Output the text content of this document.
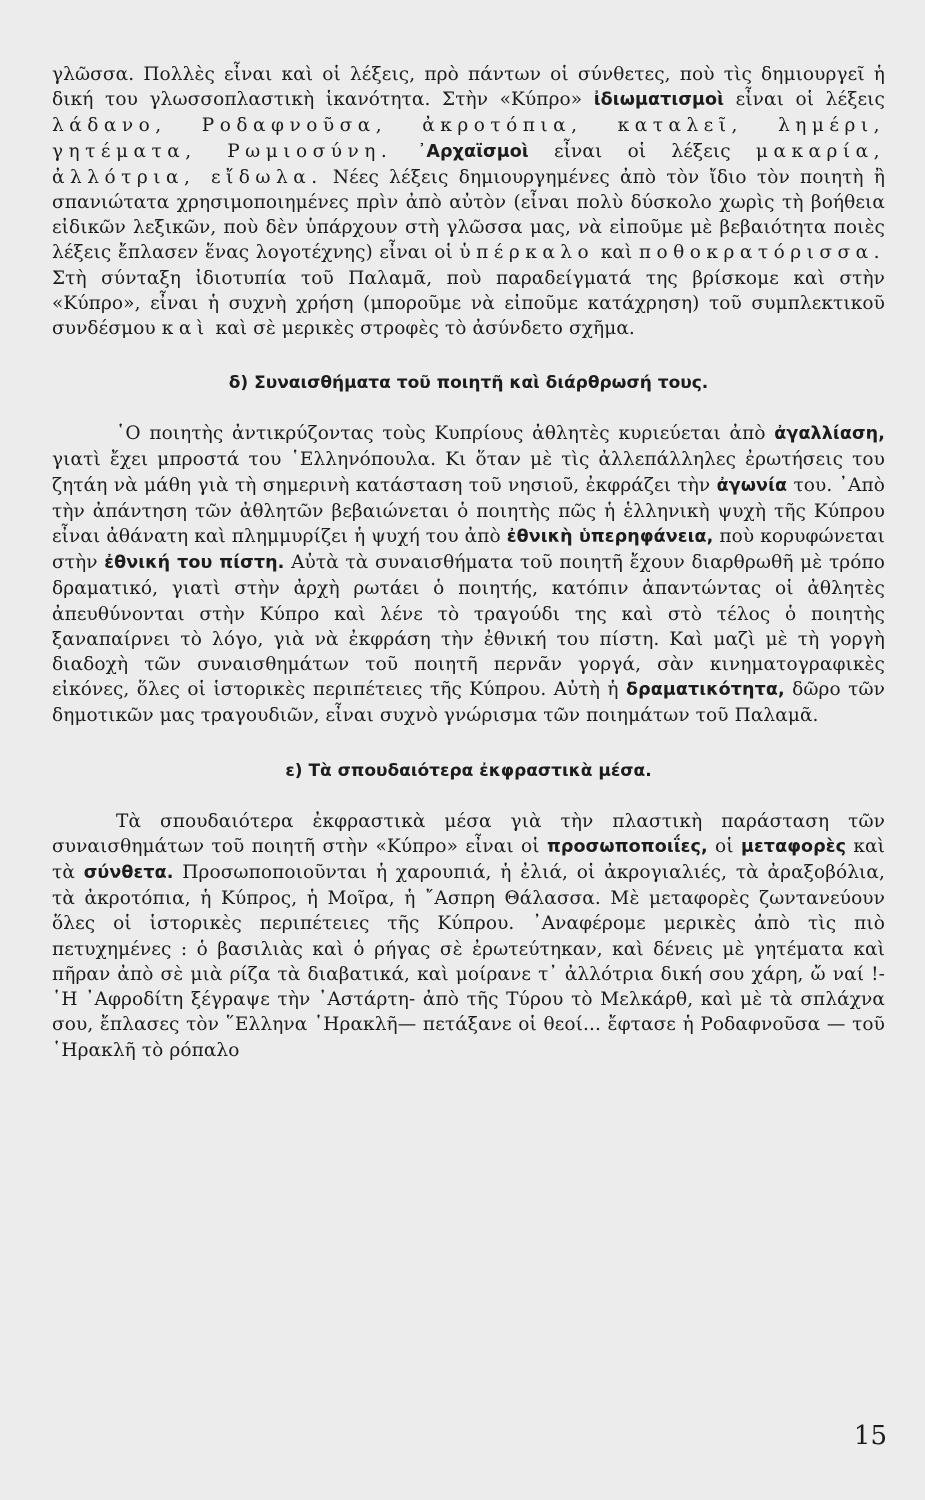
γλῶσσα. Πολλὲς εἶναι καὶ οἱ λέξεις, πρὸ πάντων οἱ σύνθετες, ποὺ τὶς δημιουργεῖ ἡ δική του γλωσσοπλαστικὴ ἱκανότητα. Στὴν «Κύπρο» ἰδιωματισμοὶ εἶναι οἱ λέξεις λάδανο, Ροδαφνοῦσα, ἀκροτόπια, καταλεῖ, λημέρι, γητέματα, Ρωμιοσύνη. ᾿Αρχαϊσμοὶ εἶναι οἱ λέξεις μακαρία, ἀλλότρια, εἴδωλα. Νέες λέξεις δημιουργημένες ἀπὸ τὸν ἴδιο τὸν ποιητὴ ἢ σπανιώτατα χρησιμοποιημένες πρὶν ἀπὸ αὐτὸν (εἶναι πολὺ δύσκολο χωρὶς τὴ βοήθεια εἰδικῶν λεξικῶν, ποὺ δὲν ὑπάρχουν στὴ γλῶσσα μας, νὰ εἰποῦμε μὲ βεβαιότητα ποιὲς λέξεις ἔπλασεν ἕνας λογοτέχνης) εἶναι οἱ ὑπέρκαλο καὶ ποθοκρατόρισσα. Στὴ σύνταξη ἰδιοτυπία τοῦ Παλαμᾶ, ποὺ παραδείγματά της βρίσκομε καὶ στὴν «Κύπρο», εἶναι ἡ συχνὴ χρήση (μποροῦμε νὰ εἰποῦμε κατάχρηση) τοῦ συμπλεκτικοῦ συνδέσμου καὶ καὶ σὲ μερικὲς στροφὲς τὸ ἀσύνδετο σχῆμα.

δ) Συναισθήματα τοῦ ποιητῆ καὶ διάρθρωσή τους.

῾Ο ποιητὴς ἀντικρύζοντας τοὺς Κυπρίους ἀθλητὲς κυριεύεται ἀπὸ ἀγαλλίαση, γιατὶ ἔχει μπροστά του ῾Ελληνόπουλα. Κι ὅταν μὲ τὶς ἀλλεπάλληλες ἐρωτήσεις του ζητάη νὰ μάθη γιὰ τὴ σημερινὴ κατάσταση τοῦ νησιοῦ, ἐκφράζει τὴν ἀγωνία του. ᾿Απὸ τὴν ἀπάντηση τῶν ἀθλητῶν βεβαιώνεται ὁ ποιητὴς πῶς ἡ ἑλληνικὴ ψυχὴ τῆς Κύπρου εἶναι ἀθάνατη καὶ πλημμυρίζει ἡ ψυχή του ἀπὸ ἐθνικὴ ὑπερηφάνεια, ποὺ κορυφώνεται στὴν ἐθνική του πίστη. Αὐτὰ τὰ συναισθήματα τοῦ ποιητῆ ἔχουν διαρθρωθῆ μὲ τρόπο δραματικό, γιατὶ στὴν ἀρχὴ ρωτάει ὁ ποιητής, κατόπιν ἀπαντώντας οἱ ἀθλητὲς ἀπευθύνονται στὴν Κύπρο καὶ λένε τὸ τραγούδι της καὶ στὸ τέλος ὁ ποιητὴς ξαναπαίρνει τὸ λόγο, γιὰ νὰ ἐκφράση τὴν ἐθνική του πίστη. Καὶ μαζὶ μὲ τὴ γοργὴ διαδοχὴ τῶν συναισθημάτων τοῦ ποιητῆ περνᾶν γοργά, σὰν κινηματογραφικὲς εἰκόνες, ὅλες οἱ ἱστορικὲς περιπέτειες τῆς Κύπρου. Αὐτὴ ἡ δραματικότητα, δῶρο τῶν δημοτικῶν μας τραγουδιῶν, εἶναι συχνὸ γνώρισμα τῶν ποιημάτων τοῦ Παλαμᾶ.

ε) Τὰ σπουδαιότερα ἐκφραστικὰ μέσα.

Τὰ σπουδαιότερα ἐκφραστικὰ μέσα γιὰ τὴν πλαστικὴ παράσταση τῶν συναισθημάτων τοῦ ποιητῆ στὴν «Κύπρο» εἶναι οἱ προσωποποιΐες, οἱ μεταφορὲς καὶ τὰ σύνθετα. Προσωποποιοῦνται ἡ χαρουπιά, ἡ ἐλιά, οἱ ἀκρογιαλιές, τὰ ἀραξοβόλια, τὰ ἀκροτόπια, ἡ Κύπρος, ἡ Μοῖρα, ἡ ῎Ασπρη Θάλασσα. Μὲ μεταφορὲς ζωντανεύουν ὅλες οἱ ἱστορικὲς περιπέτειες τῆς Κύπρου. ᾿Αναφέρομε μερικὲς ἀπὸ τὶς πιὸ πετυχημένες : ὁ βασιλιὰς καὶ ὁ ρήγας σὲ ἐρωτεύτηκαν, καὶ δένεις μὲ γητέματα καὶ πῆραν ἀπὸ σὲ μιὰ ρίζα τὰ διαβατικά, καὶ μοίρανε τ᾿ ἀλλότρια δική σου χάρη, ὤ ναί !- ῾Η ᾿Αφροδίτη ξέγραψε τὴν ᾿Αστάρτη- ἀπὸ τῆς Τύρου τὸ Μελκάρθ, καὶ μὲ τὰ σπλάχνα σου, ἔπλασες τὸν ῞Ελληνα ῾Ηρακλῆ— πετάξανε οἱ θεοί... ἔφτασε ἡ Ροδαφνοῦσα — τοῦ ῾Ηρακλῆ τὸ ρόπαλο

15
